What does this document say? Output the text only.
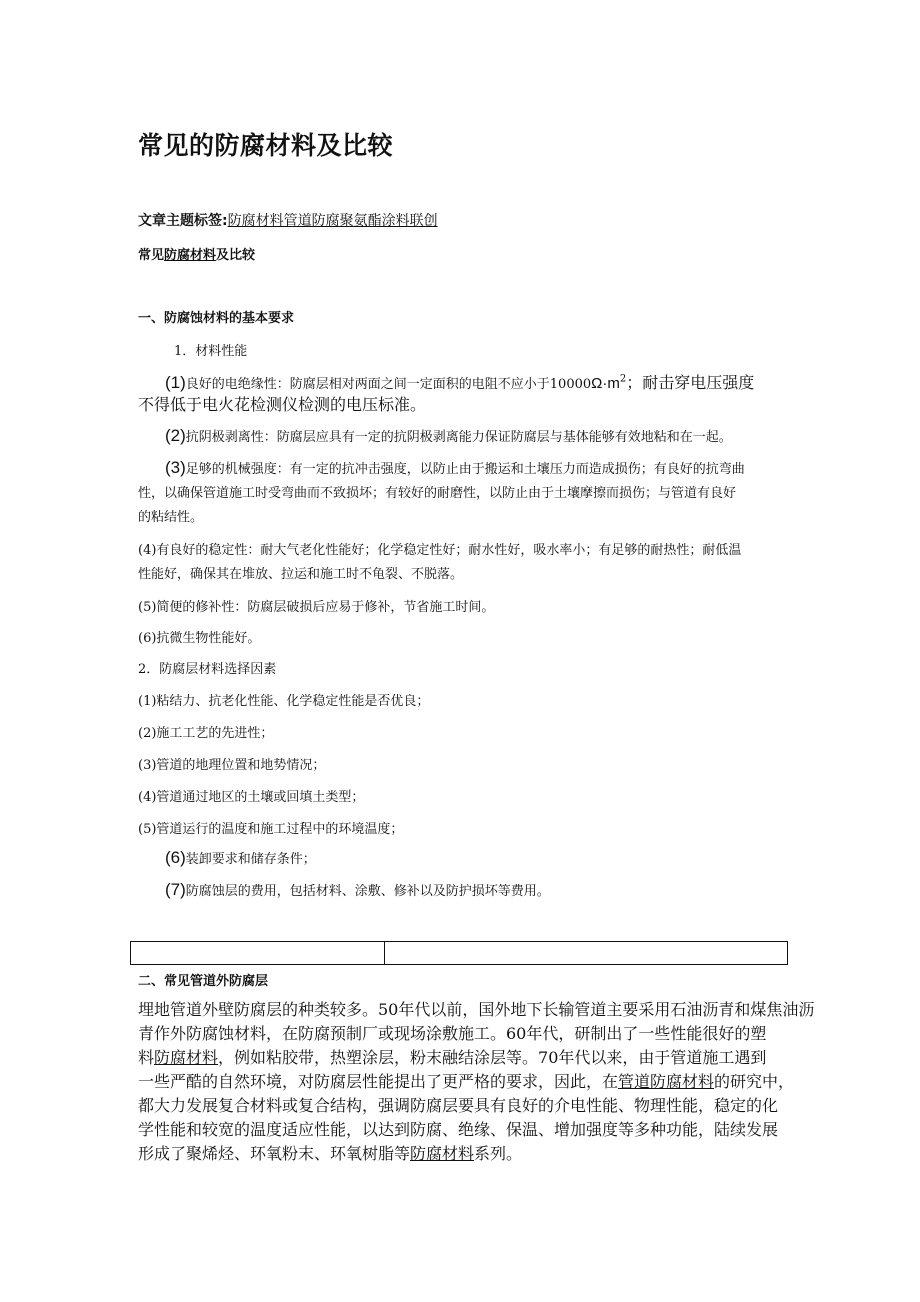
常见的防腐材料及比较
文章主题标签:防腐材料管道防腐聚氨酯涂料联创
常见防腐材料及比较
一、防腐蚀材料的基本要求
1．材料性能
(1)良好的电绝缘性：防腐层相对两面之间一定面积的电阻不应小于$10000\Omega\cdot m^2$；耐击穿电压强度
不得低于电火花检测仪检测的电压标准。
(2)抗阴极剥离性：防腐层应具有一定的抗阴极剥离能力保证防腐层与基体能够有效地粘和在一起。
(3)足够的机械强度：有一定的抗冲击强度，以防止由于搬运和土壤压力而造成损伤；有良好的抗弯曲
性，以确保管道施工时受弯曲而不致损坏；有较好的耐磨性，以防止由于土壤摩擦而损伤；与管道有良好
的粘结性。
(4)有良好的稳定性：耐大气老化性能好；化学稳定性好；耐水性好，吸水率小；有足够的耐热性；耐低温
性能好，确保其在堆放、拉运和施工时不龟裂、不脱落。
(5)简便的修补性：防腐层破损后应易于修补，节省施工时间。
(6)抗微生物性能好。
2．防腐层材料选择因素
(1)粘结力、抗老化性能、化学稳定性能是否优良；
(2)施工工艺的先进性；
(3)管道的地理位置和地势情况；
(4)管道通过地区的土壤或回填土类型；
(5)管道运行的温度和施工过程中的环境温度；
(6)装卸要求和储存条件；
(7)防腐蚀层的费用，包括材料、涂敷、修补以及防护损坏等费用。
二、常见管道外防腐层
埋地管道外壁防腐层的种类较多。50年代以前，国外地下长输管道主要采用石油沥青和煤焦油沥
青作外防腐蚀材料，在防腐预制厂或现场涂敷施工。60年代，研制出了一些性能很好的塑
料防腐材料，例如粘胶带，热塑涂层，粉末融结涂层等。70年代以来，由于管道施工遇到
一些严酷的自然环境，对防腐层性能提出了更严格的要求，因此，在管道防腐材料的研究中，
都大力发展复合材料或复合结构，强调防腐层要具有良好的介电性能、物理性能，稳定的化
学性能和较宽的温度适应性能，以达到防腐、绝缘、保温、增加强度等多种功能，陆续发展
形成了聚烯烃、环氧粉末、环氧树脂等防腐材料系列。
